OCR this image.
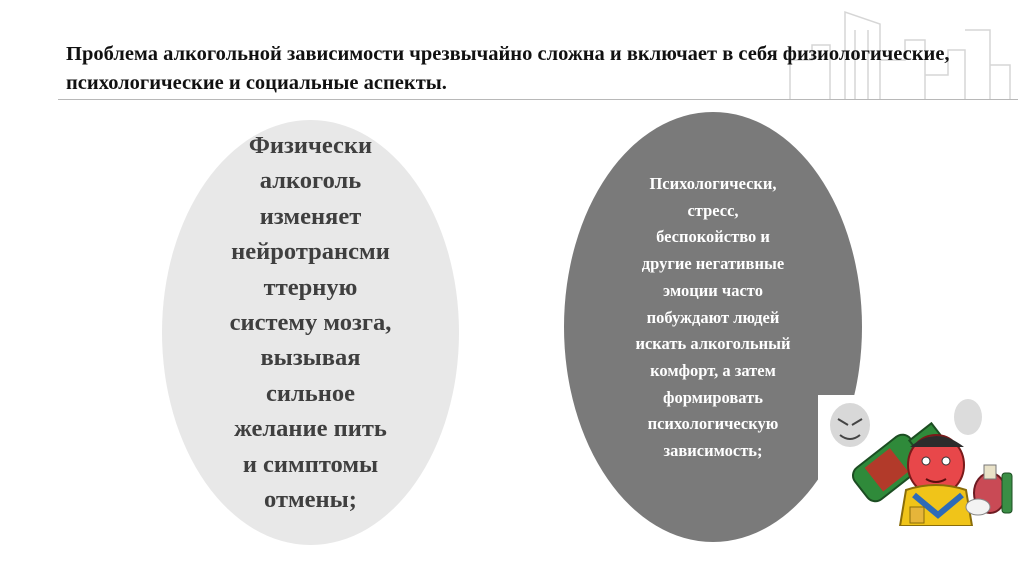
Проблема алкогольной зависимости чрезвычайно сложна и включает в себя физиологические, психологические и социальные аспекты.
Физически
алкоголь
изменяет
нейротрансми
ттерную
систему мозга,
вызывая
сильное
желание пить
и симптомы
отмены;
Психологически,
стресс,
беспокойство и
другие негативные
эмоции часто
побуждают людей
искать алкогольный
комфорт, а затем
формировать
психологическую
зависимость;
